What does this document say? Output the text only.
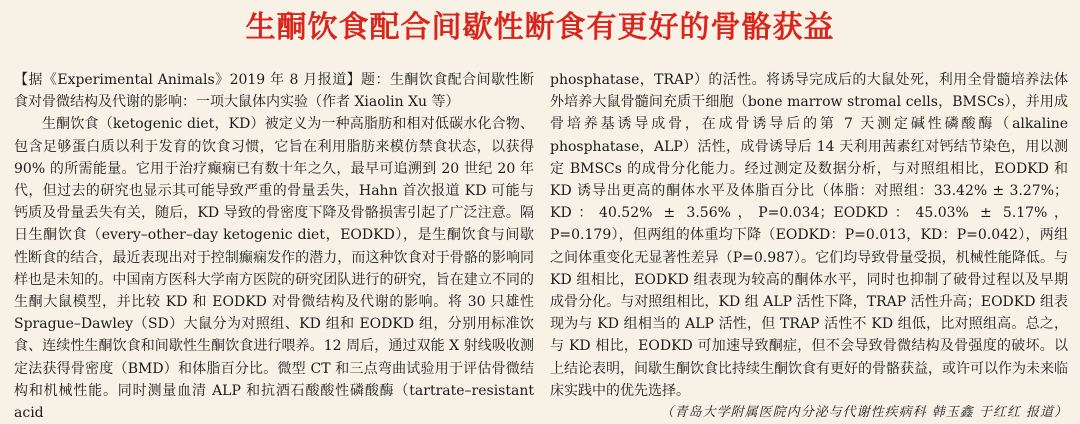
生酮饮食配合间歇性断食有更好的骨骼获益

【据《Experimental Animals》2019 年 8 月报道】题：生酮饮食配合间歇性断食对骨微结构及代谢的影响：一项大鼠体内实验（作者 Xiaolin Xu 等）

生酮饮食（ketogenic diet，KD）被定义为一种高脂肪和相对低碳水化合物、包含足够蛋白质以利于发育的饮食习惯，它旨在利用脂肪来模仿禁食状态，以获得 90% 的所需能量。它用于治疗癫痫已有数十年之久，最早可追溯到 20 世纪 20 年代，但过去的研究也显示其可能导致严重的骨量丢失，Hahn 首次报道 KD 可能与钙质及骨量丢失有关，随后，KD 导致的骨密度下降及骨骼损害引起了广泛注意。隔日生酮饮食（every–other–day ketogenic diet，EODKD），是生酮饮食与间歇性断食的结合，最近表现出对于控制癫痫发作的潜力，而这种饮食对于骨骼的影响同样也是未知的。中国南方医科大学南方医院的研究团队进行的研究，旨在建立不同的生酮大鼠模型，并比较 KD 和 EODKD 对骨微结构及代谢的影响。将 30 只雄性 Sprague–Dawley（SD）大鼠分为对照组、KD 组和 EODKD 组，分别用标准饮食、连续性生酮饮食和间歇性生酮饮食进行喂养。12 周后，通过双能 X 射线吸收测定法获得骨密度（BMD）和体脂百分比。微型 CT 和三点弯曲试验用于评估骨微结构和机械性能。同时测量血清 ALP 和抗酒石酸酸性磷酸酶（tartrate–resistant acid

phosphatase，TRAP）的活性。将诱导完成后的大鼠处死，利用全骨髓培养法体外培养大鼠骨髓间充质干细胞（bone marrow stromal cells，BMSCs），并用成骨培养基诱导成骨，在成骨诱导后的第 7 天测定碱性磷酸酶（alkaline phosphatase，ALP）活性，成骨诱导后 14 天利用茜素红对钙结节染色，用以测定 BMSCs 的成骨分化能力。经过测定及数据分析，与对照组相比，EODKD 和 KD 诱导出更高的酮体水平及体脂百分比（体脂：对照组：33.42% ± 3.27%；KD：40.52% ± 3.56%，P=0.034；EODKD：45.03% ± 5.17%，P=0.179），但两组的体重均下降（EODKD：P=0.013，KD：P=0.042），两组之间体重变化无显著性差异（P=0.987）。它们均导致骨量受损，机械性能降低。与 KD 组相比，EODKD 组表现为较高的酮体水平，同时也抑制了破骨过程以及早期成骨分化。与对照组相比，KD 组 ALP 活性下降，TRAP 活性升高；EODKD 组表现为与 KD 组相当的 ALP 活性，但 TRAP 活性不 KD 组低，比对照组高。总之，与 KD 相比，EODKD 可加速导致酮症，但不会导致骨微结构及骨强度的破坏。以上结论表明，间歇生酮饮食比持续生酮饮食有更好的骨骼获益，或许可以作为未来临床实践中的优先选择。

（青岛大学附属医院内分泌与代谢性疾病科 韩玉鑫 于红红 报道）
